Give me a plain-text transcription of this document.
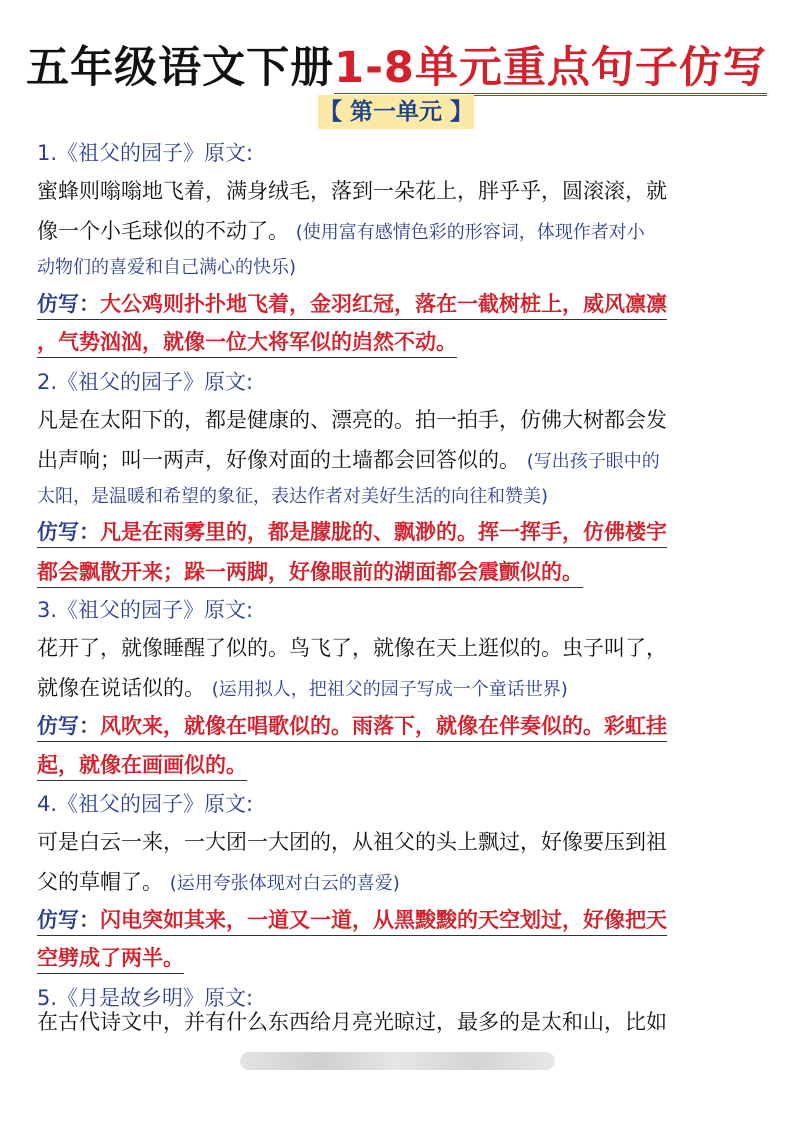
五年级语文下册1-8单元重点句子仿写
【 第一单元 】
1.《祖父的园子》原文:
蜜蜂则嗡嗡地飞着，满身绒毛，落到一朵花上，胖乎乎，圆滚滚，就
像一个小毛球似的不动了。 (使用富有感情色彩的形容词，体现作者对小
动物们的喜爱和自己满心的快乐)
仿写：大公鸡则扑扑地飞着，金羽红冠，落在一截树桩上，威风凛凛
，气势汹汹，就像一位大将军似的岿然不动。
2.《祖父的园子》原文:
凡是在太阳下的，都是健康的、漂亮的。拍一拍手，仿佛大树都会发
出声响；叫一两声，好像对面的土墙都会回答似的。 (写出孩子眼中的
太阳，是温暖和希望的象征，表达作者对美好生活的向往和赞美)
仿写：凡是在雨雾里的，都是朦胧的、飘渺的。挥一挥手，仿佛楼宇
都会飘散开来；跺一两脚，好像眼前的湖面都会震颤似的。
3.《祖父的园子》原文:
花开了，就像睡醒了似的。鸟飞了，就像在天上逛似的。虫子叫了，
就像在说话似的。 (运用拟人，把祖父的园子写成一个童话世界)
仿写：风吹来，就像在唱歌似的。雨落下，就像在伴奏似的。彩虹挂
起，就像在画画似的。
4.《祖父的园子》原文:
可是白云一来，一大团一大团的，从祖父的头上飘过，好像要压到祖
父的草帽了。 (运用夸张体现对白云的喜爱)
仿写：闪电突如其来，一道又一道，从黑黢黢的天空划过，好像把天
空劈成了两半。
5.《月是故乡明》原文:
在古代诗文中，并有什么东西给月亮光晾过，最多的是太和山，比如
